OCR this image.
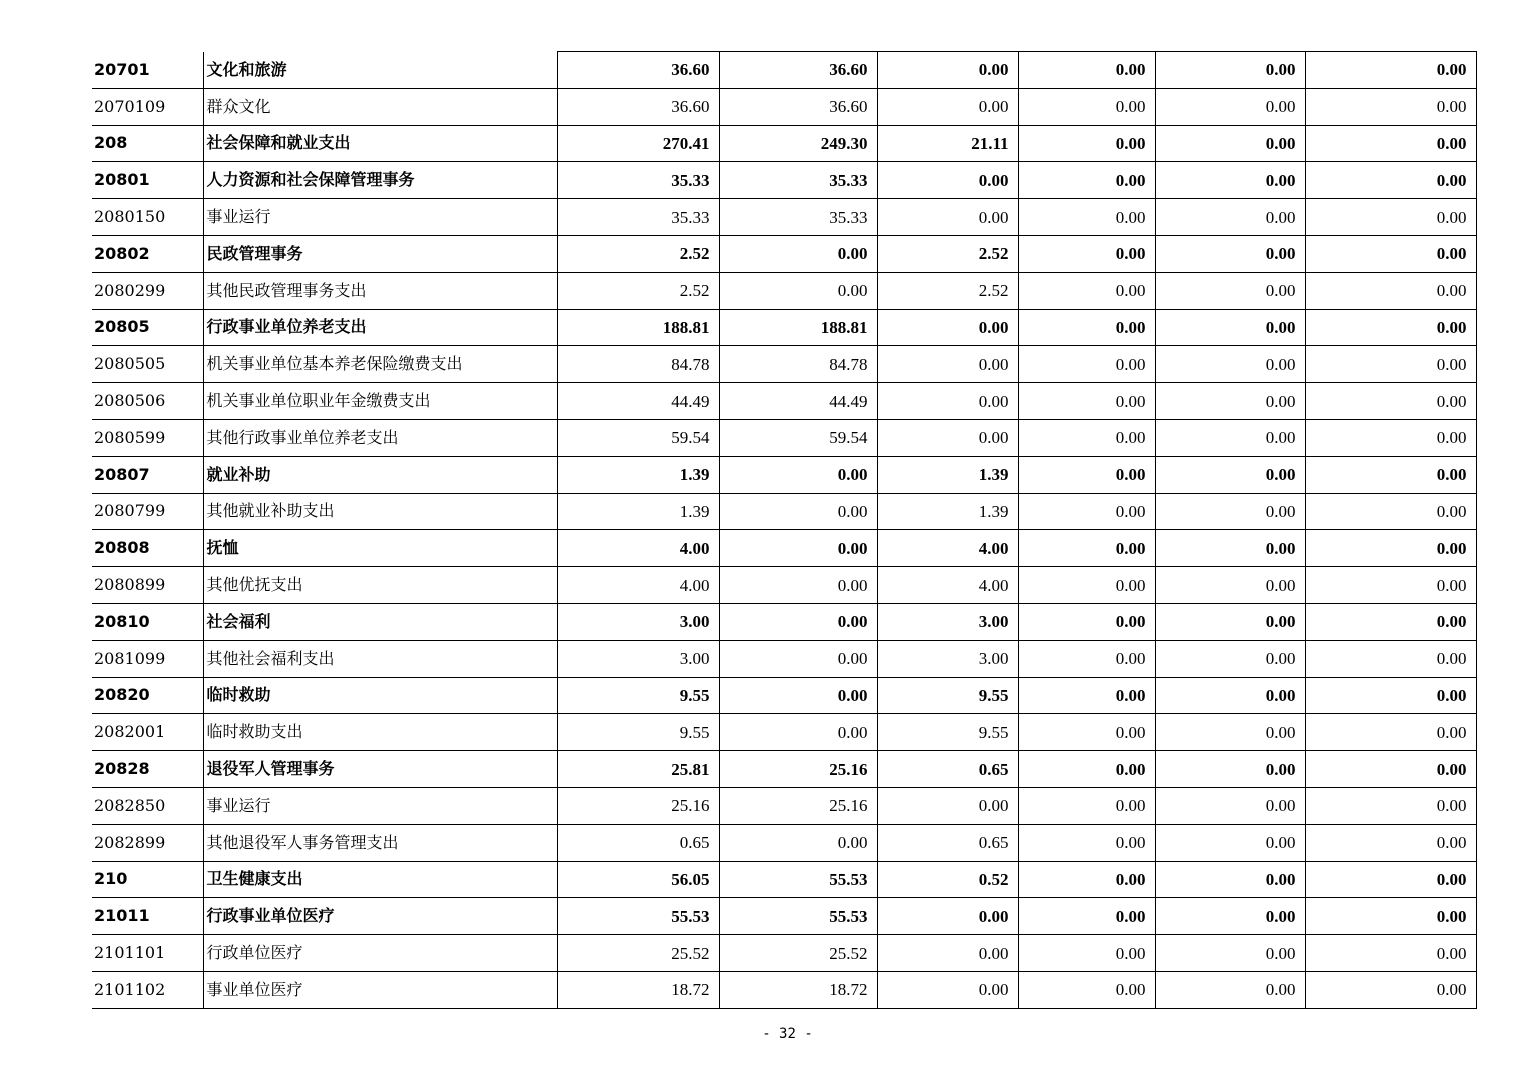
20701	文化和旅游	36.60	36.60	0.00	0.00	0.00	0.00
2070109	群众文化	36.60	36.60	0.00	0.00	0.00	0.00
208	社会保障和就业支出	270.41	249.30	21.11	0.00	0.00	0.00
20801	人力资源和社会保障管理事务	35.33	35.33	0.00	0.00	0.00	0.00
2080150	事业运行	35.33	35.33	0.00	0.00	0.00	0.00
20802	民政管理事务	2.52	0.00	2.52	0.00	0.00	0.00
2080299	其他民政管理事务支出	2.52	0.00	2.52	0.00	0.00	0.00
20805	行政事业单位养老支出	188.81	188.81	0.00	0.00	0.00	0.00
2080505	机关事业单位基本养老保险缴费支出	84.78	84.78	0.00	0.00	0.00	0.00
2080506	机关事业单位职业年金缴费支出	44.49	44.49	0.00	0.00	0.00	0.00
2080599	其他行政事业单位养老支出	59.54	59.54	0.00	0.00	0.00	0.00
20807	就业补助	1.39	0.00	1.39	0.00	0.00	0.00
2080799	其他就业补助支出	1.39	0.00	1.39	0.00	0.00	0.00
20808	抚恤	4.00	0.00	4.00	0.00	0.00	0.00
2080899	其他优抚支出	4.00	0.00	4.00	0.00	0.00	0.00
20810	社会福利	3.00	0.00	3.00	0.00	0.00	0.00
2081099	其他社会福利支出	3.00	0.00	3.00	0.00	0.00	0.00
20820	临时救助	9.55	0.00	9.55	0.00	0.00	0.00
2082001	临时救助支出	9.55	0.00	9.55	0.00	0.00	0.00
20828	退役军人管理事务	25.81	25.16	0.65	0.00	0.00	0.00
2082850	事业运行	25.16	25.16	0.00	0.00	0.00	0.00
2082899	其他退役军人事务管理支出	0.65	0.00	0.65	0.00	0.00	0.00
210	卫生健康支出	56.05	55.53	0.52	0.00	0.00	0.00
21011	行政事业单位医疗	55.53	55.53	0.00	0.00	0.00	0.00
2101101	行政单位医疗	25.52	25.52	0.00	0.00	0.00	0.00
2101102	事业单位医疗	18.72	18.72	0.00	0.00	0.00	0.00
- 32 -
